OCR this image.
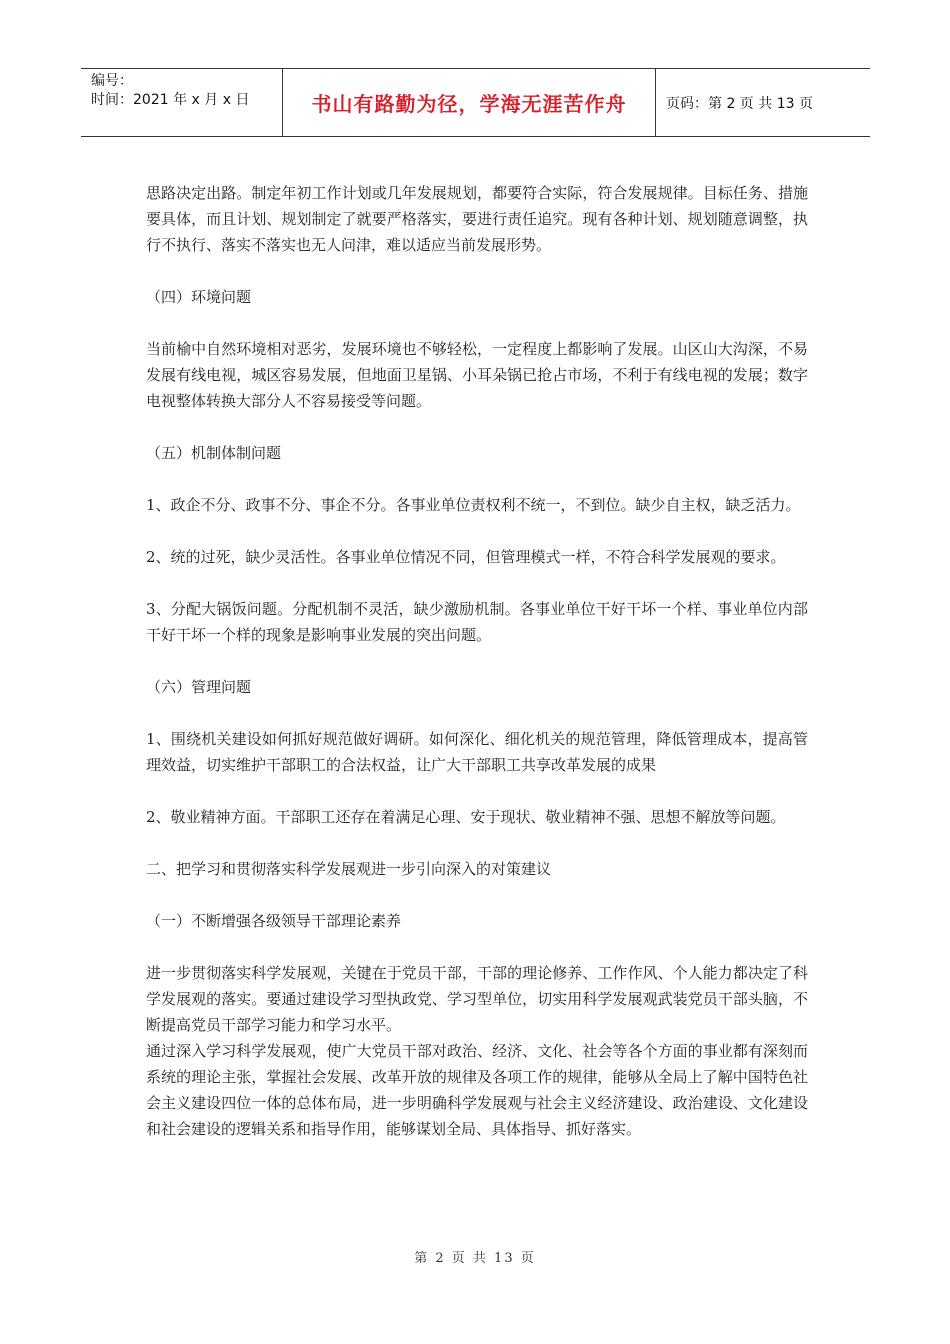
编号：
时间：2021 年 x 月 x 日	书山有路勤为径，学海无涯苦作舟	页码：第 2 页 共 13 页

思路决定出路。制定年初工作计划或几年发展规划，都要符合实际，符合发展规律。目标任务、措施要具体，而且计划、规划制定了就要严格落实，要进行责任追究。现有各种计划、规划随意调整，执行不执行、落实不落实也无人问津，难以适应当前发展形势。

（四）环境问题

当前榆中自然环境相对恶劣，发展环境也不够轻松，一定程度上都影响了发展。山区山大沟深，不易发展有线电视，城区容易发展，但地面卫星锅、小耳朵锅已抢占市场，不利于有线电视的发展；数字电视整体转换大部分人不容易接受等问题。

（五）机制体制问题

1、政企不分、政事不分、事企不分。各事业单位责权利不统一，不到位。缺少自主权，缺乏活力。

2、统的过死，缺少灵活性。各事业单位情况不同，但管理模式一样，不符合科学发展观的要求。

3、分配大锅饭问题。分配机制不灵活，缺少激励机制。各事业单位干好干坏一个样、事业单位内部干好干坏一个样的现象是影响事业发展的突出问题。

（六）管理问题

1、围绕机关建设如何抓好规范做好调研。如何深化、细化机关的规范管理，降低管理成本，提高管理效益，切实维护干部职工的合法权益，让广大干部职工共享改革发展的成果

2、敬业精神方面。干部职工还存在着满足心理、安于现状、敬业精神不强、思想不解放等问题。

二、把学习和贯彻落实科学发展观进一步引向深入的对策建议

（一）不断增强各级领导干部理论素养

进一步贯彻落实科学发展观，关键在于党员干部，干部的理论修养、工作作风、个人能力都决定了科学发展观的落实。要通过建设学习型执政党、学习型单位，切实用科学发展观武装党员干部头脑，不断提高党员干部学习能力和学习水平。

通过深入学习科学发展观，使广大党员干部对政治、经济、文化、社会等各个方面的事业都有深刻而系统的理论主张，掌握社会发展、改革开放的规律及各项工作的规律，能够从全局上了解中国特色社会主义建设四位一体的总体布局，进一步明确科学发展观与社会主义经济建设、政治建设、文化建设和社会建设的逻辑关系和指导作用，能够谋划全局、具体指导、抓好落实。

第 2 页 共 13 页
